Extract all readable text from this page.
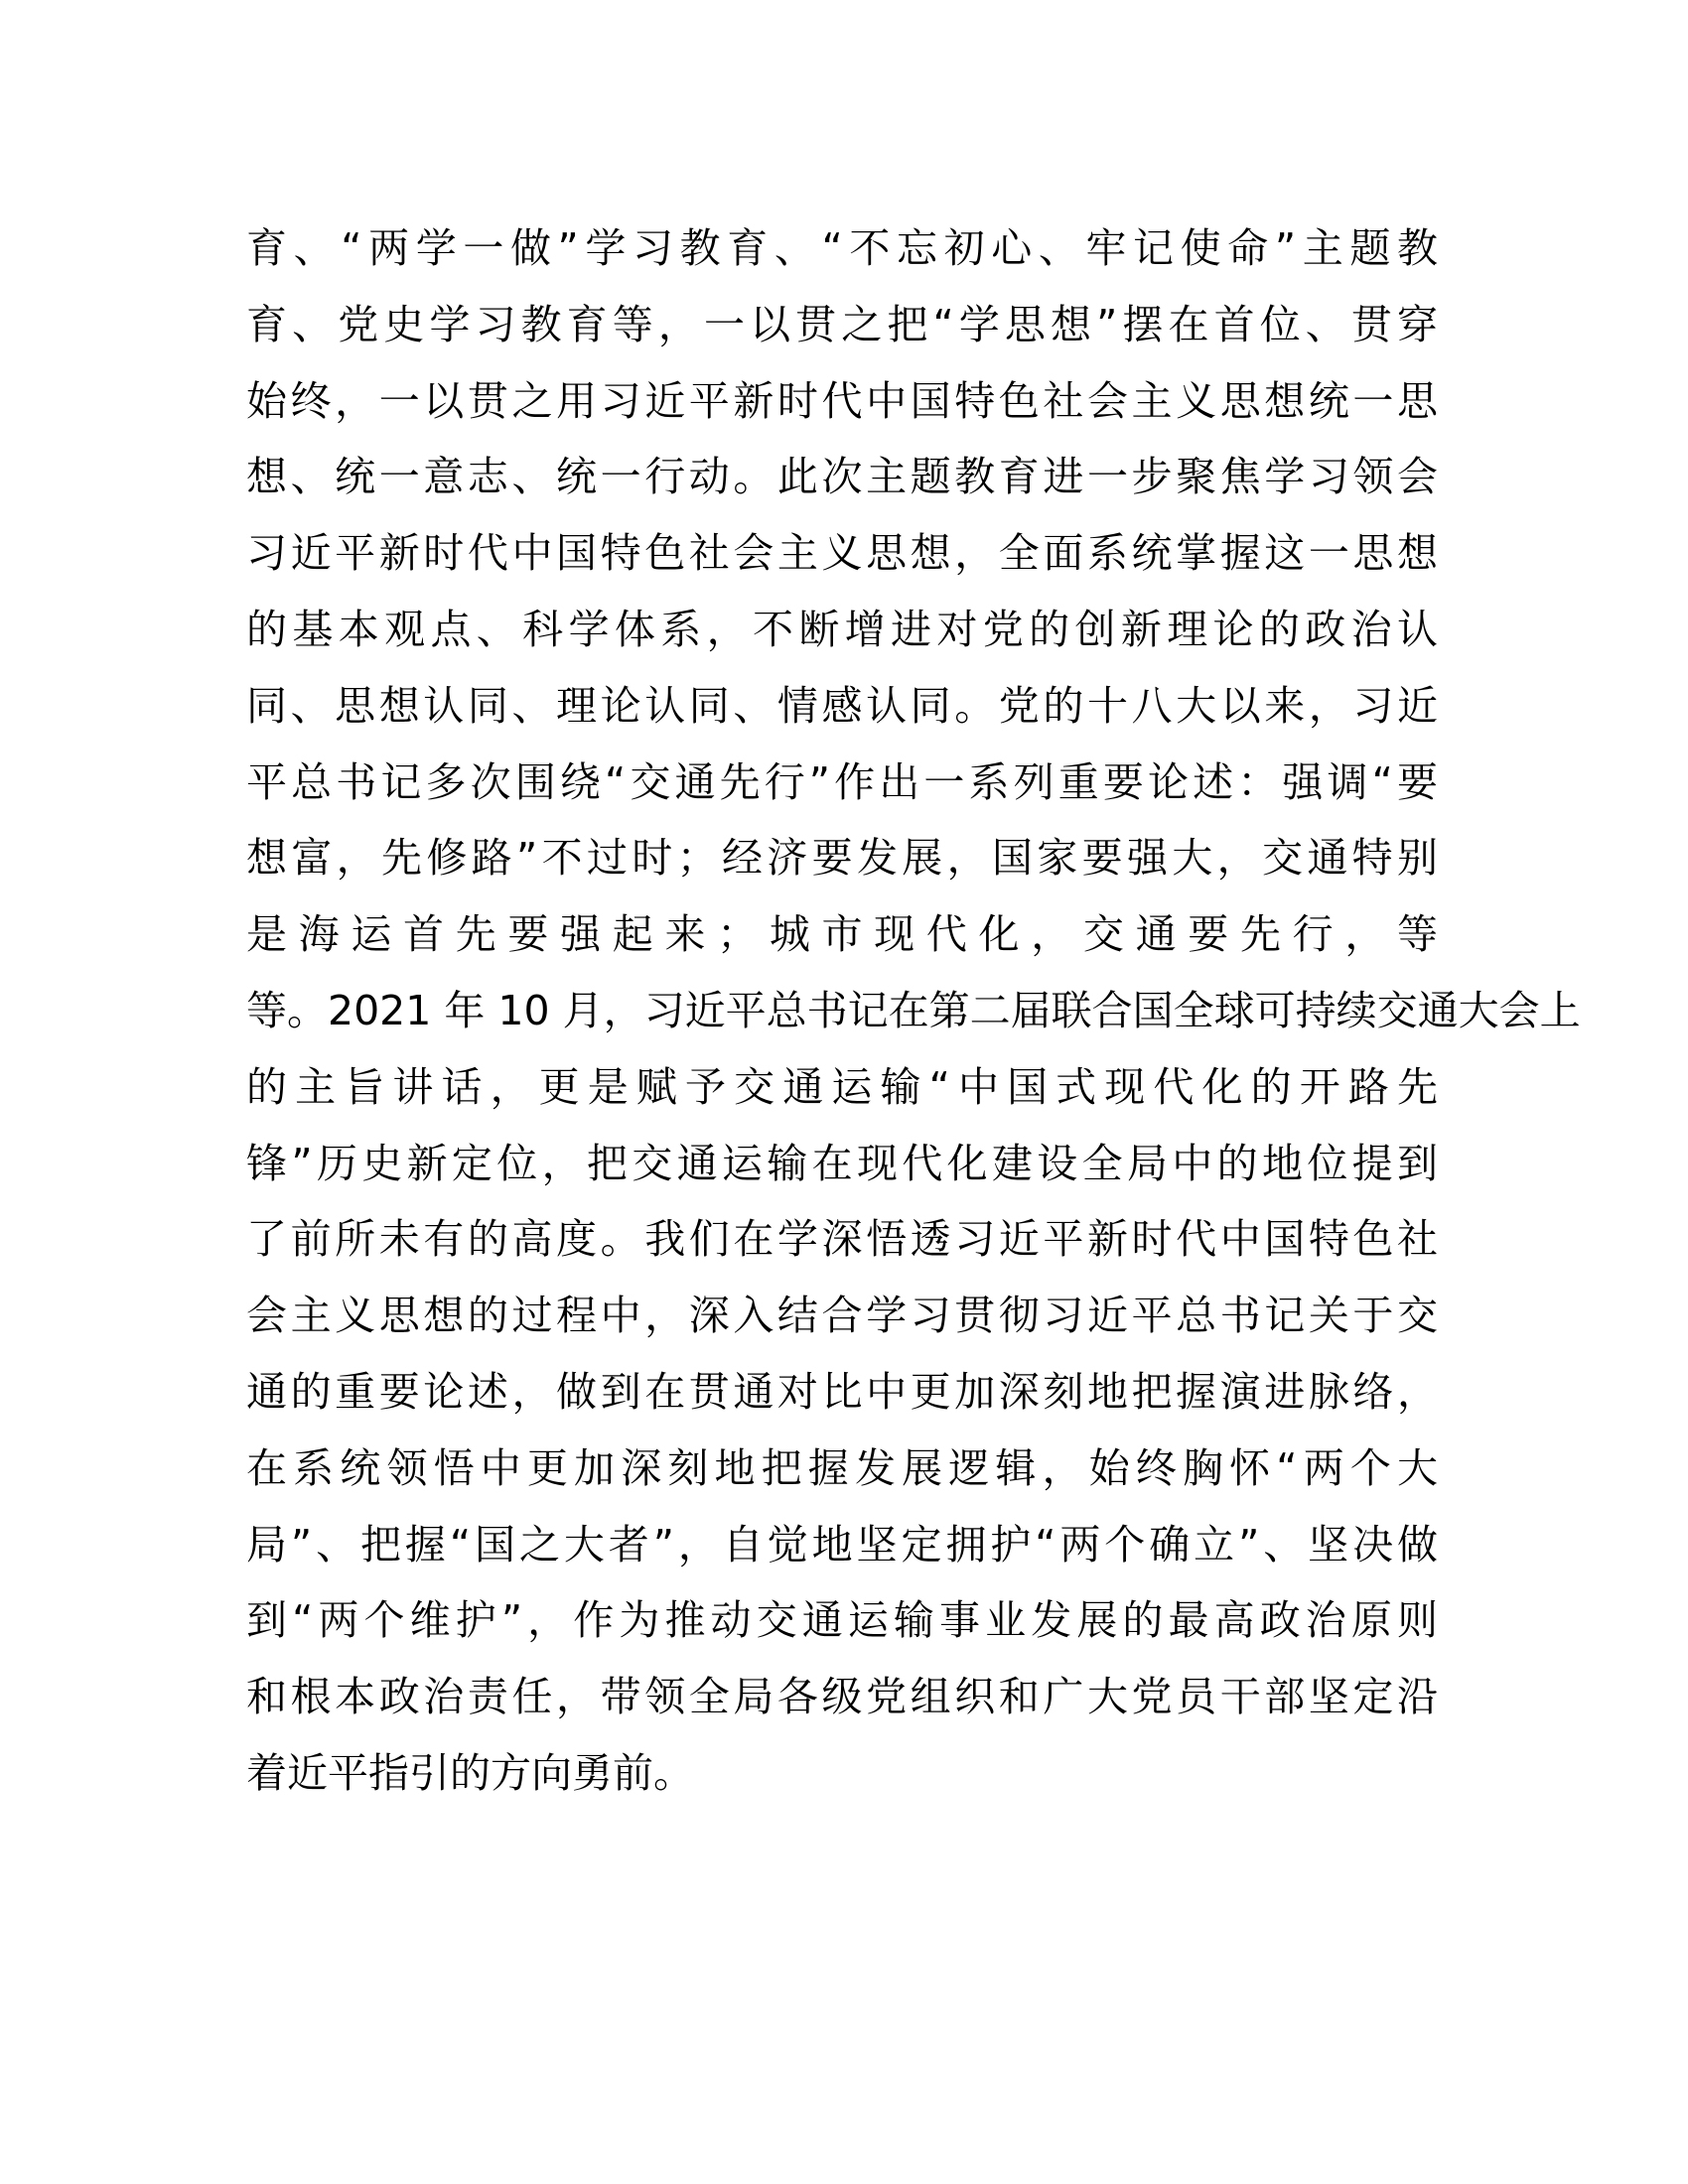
育、“两学一做”学习教育、“不忘初心、牢记使命”主题教

育、党史学习教育等，一以贯之把“学思想”摆在首位、贯穿

始终，一以贯之用习近平新时代中国特色社会主义思想统一思

想、统一意志、统一行动。此次主题教育进一步聚焦学习领会

习近平新时代中国特色社会主义思想，全面系统掌握这一思想

的基本观点、科学体系，不断增进对党的创新理论的政治认

同、思想认同、理论认同、情感认同。党的十八大以来，习近

平总书记多次围绕“交通先行”作出一系列重要论述：强调“要

想富，先修路”不过时；经济要发展，国家要强大，交通特别

是海运首先要强起来；城市现代化，交通要先行，等

等。2021 年 10 月，习近平总书记在第二届联合国全球可持续交通大会上

的主旨讲话，更是赋予交通运输“中国式现代化的开路先

锋”历史新定位，把交通运输在现代化建设全局中的地位提到

了前所未有的高度。我们在学深悟透习近平新时代中国特色社

会主义思想的过程中，深入结合学习贯彻习近平总书记关于交

通的重要论述，做到在贯通对比中更加深刻地把握演进脉络，

在系统领悟中更加深刻地把握发展逻辑，始终胸怀“两个大

局”、把握“国之大者”，自觉地坚定拥护“两个确立”、坚决做

到“两个维护”，作为推动交通运输事业发展的最高政治原则

和根本政治责任，带领全局各级党组织和广大党员干部坚定沿

着近平指引的方向勇前。
